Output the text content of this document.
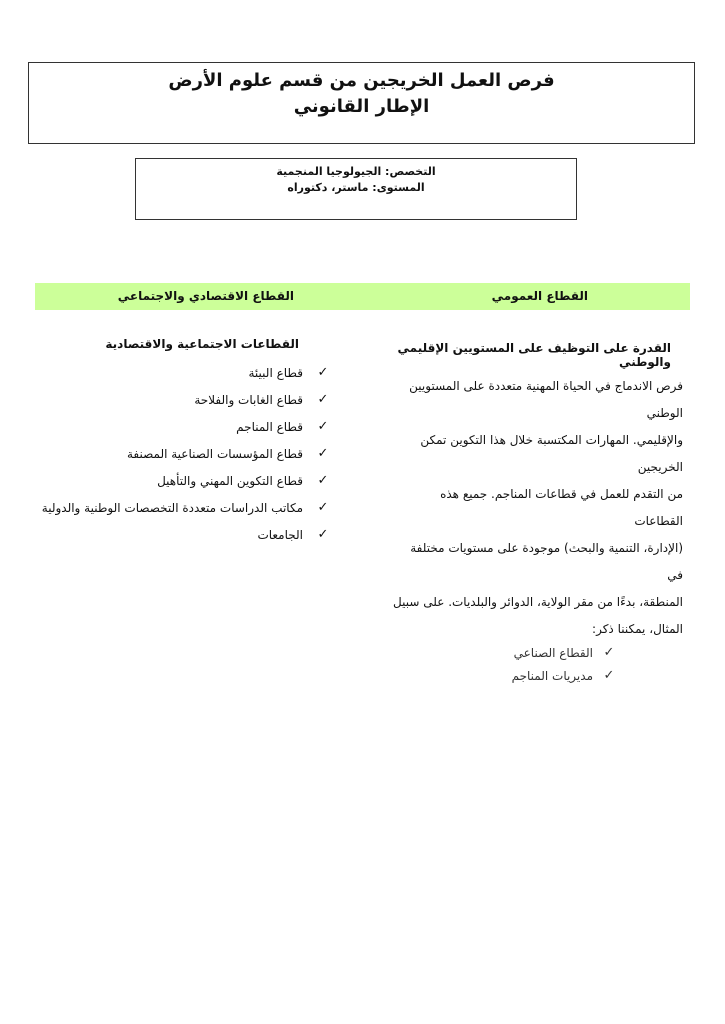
فرص العمل الخريجين من قسم علوم الأرض
الإطار القانوني
التخصص: الجيولوجيا المنجمية
المستوى: ماستر، دكتوراه
القطاع العمومي
القطاع الاقتصادي والاجتماعي
القدرة على التوظيف على المستويين الإقليمي والوطني

فرص الاندماج في الحياة المهنية متعددة على المستويين الوطني
والإقليمي. المهارات المكتسبة خلال هذا التكوين تمكن الخريجين
من التقدم للعمل في قطاعات المناجم. جميع هذه القطاعات
(الإدارة، التنمية والبحث) موجودة على مستويات مختلفة في
المنطقة، بدءًا من مقر الولاية، الدوائر والبلديات. على سبيل
المثال، يمكننا ذكر:

✓
القطاع الصناعي
✓
مديريات المناجم
القطاعات الاجتماعية والاقتصادية
✓
قطاع البيئة
✓
قطاع الغابات والفلاحة
✓
قطاع المناجم
✓
قطاع المؤسسات الصناعية المصنفة
✓
قطاع التكوين المهني والتأهيل
✓
مكاتب الدراسات متعددة التخصصات الوطنية والدولية
✓
الجامعات
